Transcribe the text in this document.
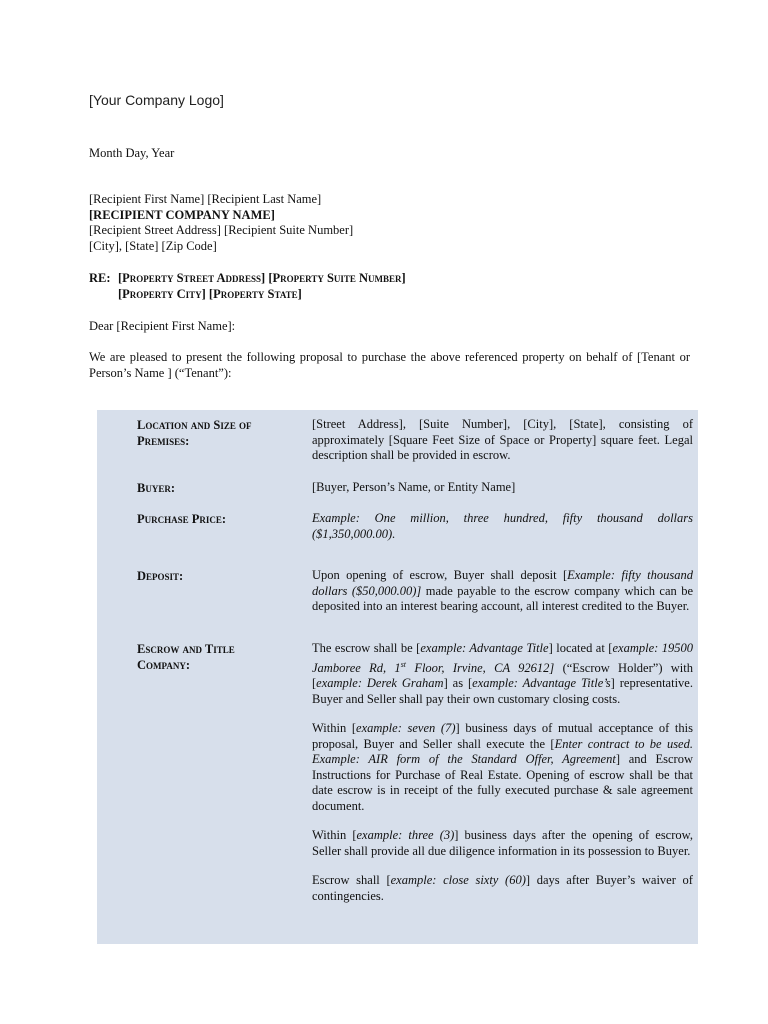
[Your Company Logo]
Month Day, Year
[Recipient First Name] [Recipient Last Name]
[RECIPIENT COMPANY NAME]
[Recipient Street Address] [Recipient Suite Number]
[City], [State] [Zip Code]
RE: [Property Street Address] [Property Suite Number]
[Property City] [Property State]
Dear [Recipient First Name]:
We are pleased to present the following proposal to purchase the above referenced property on behalf of [Tenant or Person’s Name ] (“Tenant”):
Location and Size of Premises:
[Street Address], [Suite Number], [City], [State], consisting of approximately [Square Feet Size of Space or Property] square feet. Legal description shall be provided in escrow.
Buyer:	[Buyer, Person’s Name, or Entity Name]
Purchase Price:	Example: One million, three hundred, fifty thousand dollars ($1,350,000.00).
Deposit:	Upon opening of escrow, Buyer shall deposit [Example: fifty thousand dollars ($50,000.00)] made payable to the escrow company which can be deposited into an interest bearing account, all interest credited to the Buyer.
Escrow and Title Company:

The escrow shall be [example: Advantage Title] located at [example: 19500 Jamboree Rd, 1st Floor, Irvine, CA 92612] (“Escrow Holder”) with [example: Derek Graham] as [example: Advantage Title’s] representative. Buyer and Seller shall pay their own customary closing costs.

Within [example: seven (7)] business days of mutual acceptance of this proposal, Buyer and Seller shall execute the [Enter contract to be used. Example: AIR form of the Standard Offer, Agreement] and Escrow Instructions for Purchase of Real Estate. Opening of escrow shall be that date escrow is in receipt of the fully executed purchase & sale agreement document.

Within [example: three (3)] business days after the opening of escrow, Seller shall provide all due diligence information in its possession to Buyer.

Escrow shall [example: close sixty (60)] days after Buyer’s waiver of contingencies.
